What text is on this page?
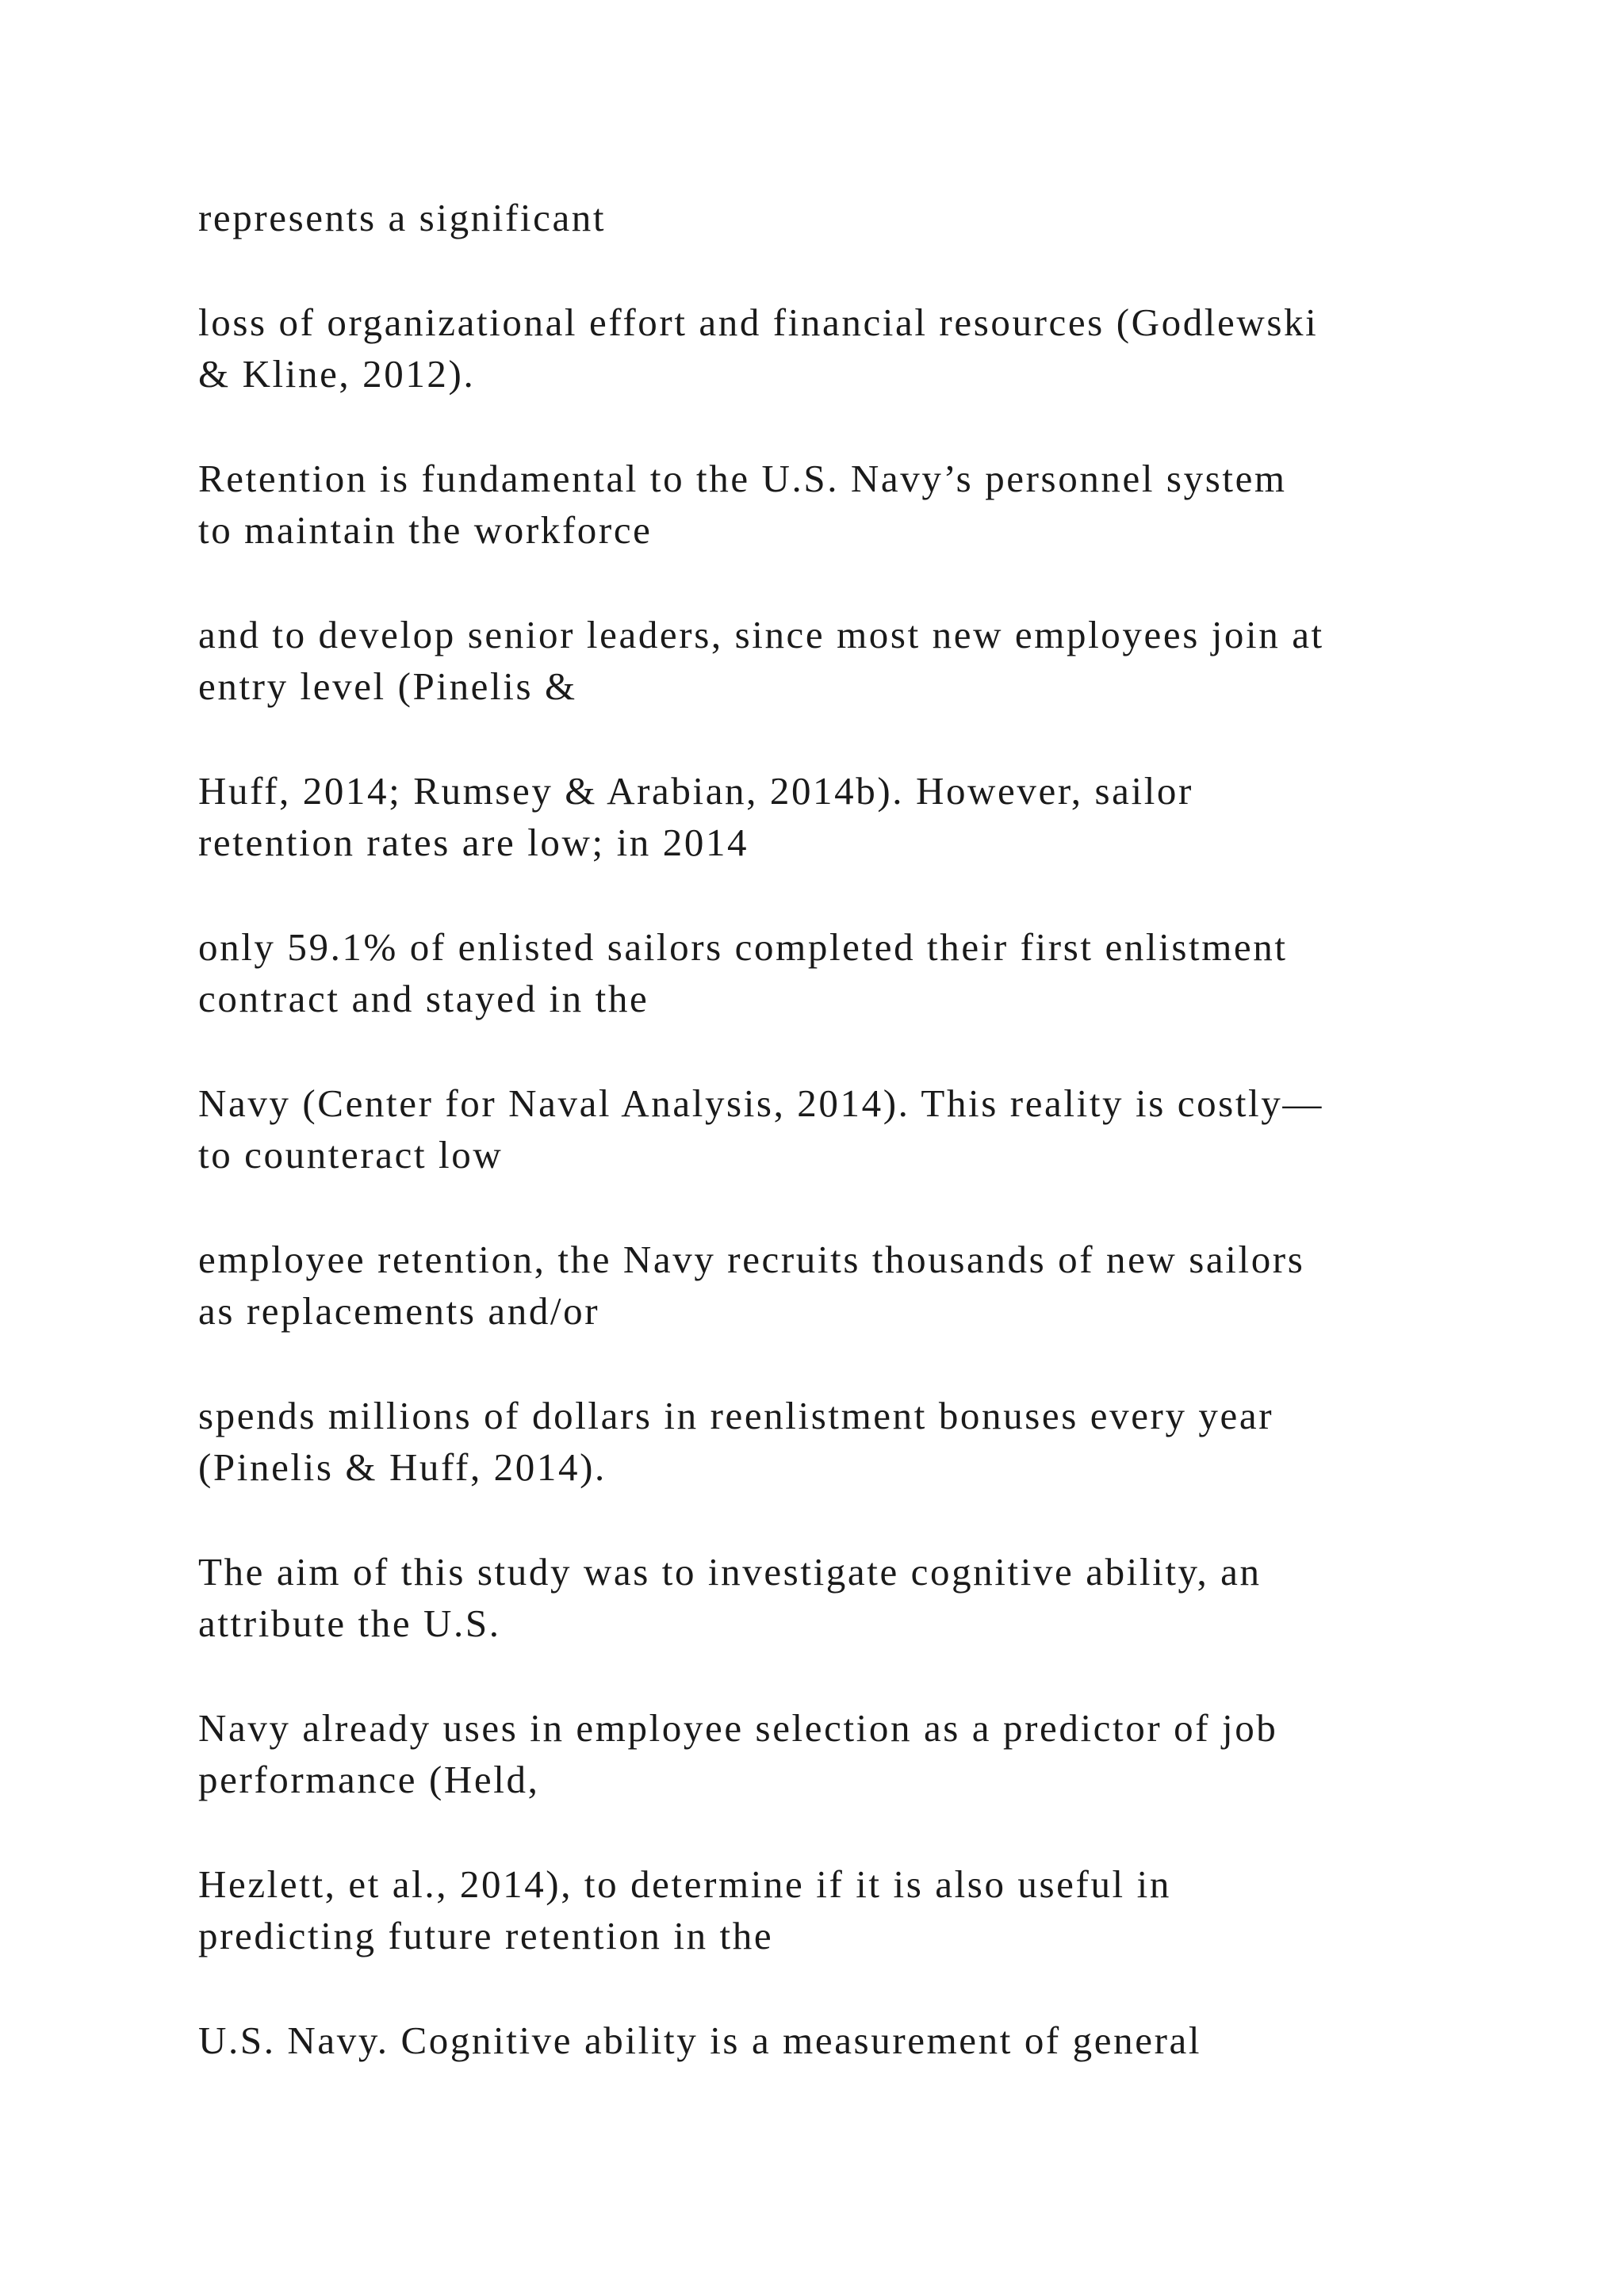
represents a significant

loss of organizational effort and financial resources (Godlewski
& Kline, 2012).

Retention is fundamental to the U.S. Navy’s personnel system
to maintain the workforce

and to develop senior leaders, since most new employees join at
entry level (Pinelis &

Huff, 2014; Rumsey & Arabian, 2014b). However, sailor
retention rates are low; in 2014

only 59.1% of enlisted sailors completed their first enlistment
contract and stayed in the

Navy (Center for Naval Analysis, 2014). This reality is costly—
to counteract low

employee retention, the Navy recruits thousands of new sailors
as replacements and/or

spends millions of dollars in reenlistment bonuses every year
(Pinelis & Huff, 2014).

The aim of this study was to investigate cognitive ability, an
attribute the U.S.

Navy already uses in employee selection as a predictor of job
performance (Held,

Hezlett, et al., 2014), to determine if it is also useful in
predicting future retention in the

U.S. Navy. Cognitive ability is a measurement of general
